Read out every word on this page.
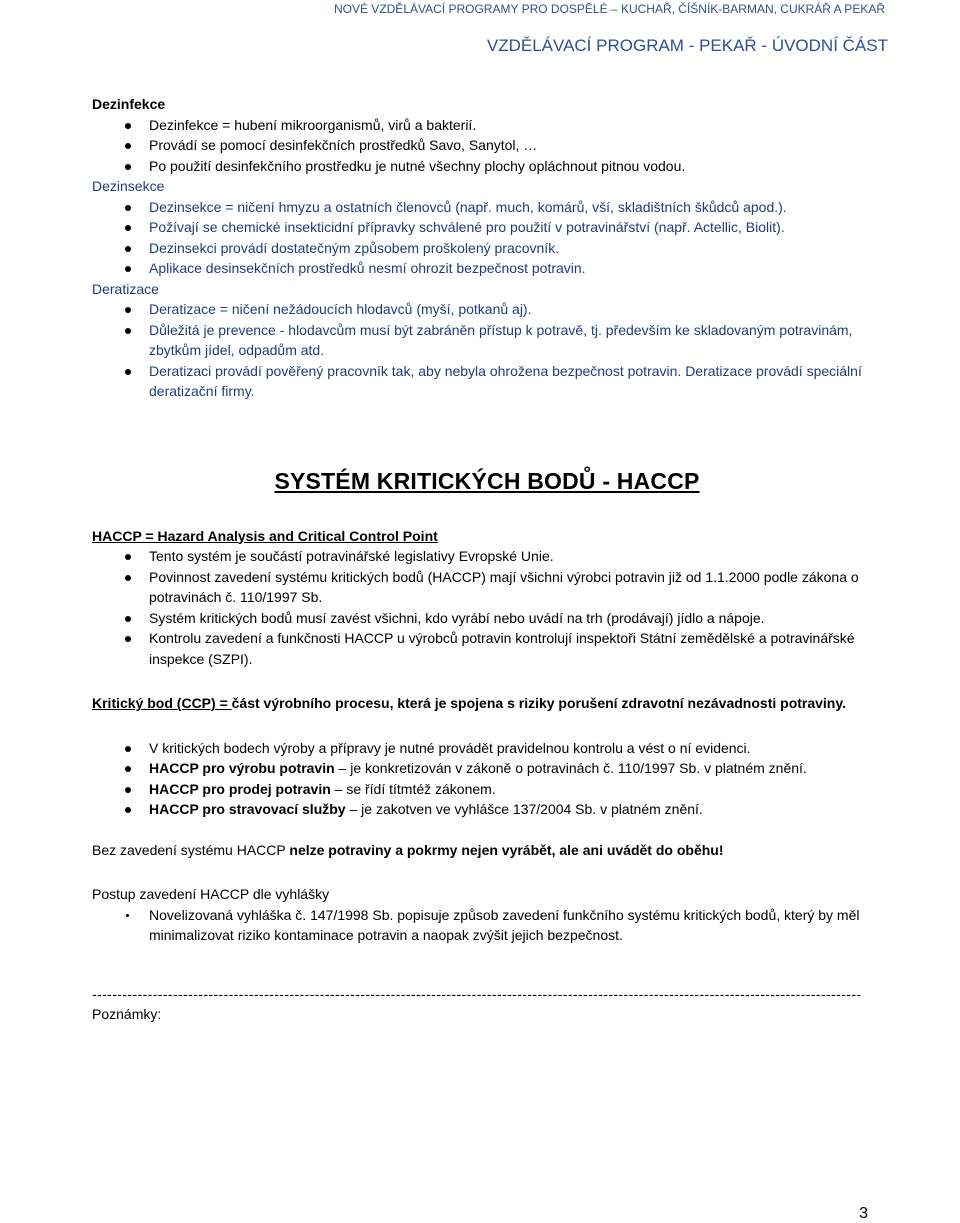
NOVÉ VZDĚLÁVACÍ PROGRAMY PRO DOSPĚLÉ – KUCHAŘ, ČÍŠNÍK-BARMAN, CUKRÁŘ A PEKAŘ
VZDĚLÁVACÍ PROGRAM - PEKAŘ - ÚVODNÍ ČÁST

Dezinfekce

Dezinfekce = hubení mikroorganismů, virů a bakterií.
Provádí se pomocí desinfekčních prostředků Savo, Sanytol, …
Po použití desinfekčního prostředku je nutné všechny plochy opláchnout pitnou vodou.

Dezinsekce

Dezinsekce = ničení hmyzu a ostatních členovců (např. much, komárů, vší, skladištních škůdců apod.).
Požívají se chemické insekticidní přípravky schválené pro použití v potravinářství (např. Actellic, Biolit).
Dezinsekci provádí dostatečným způsobem proškolený pracovník.
Aplikace desinsekčních prostředků nesmí ohrozit bezpečnost potravin.

Deratizace

Deratizace = ničení nežádoucích hlodavců (myší, potkanů aj).
Důležitá je prevence - hlodavcům musí být zabráněn přístup k potravě, tj. především ke skladovaným potravinám, zbytkům jídel, odpadům atd.
Deratizaci provádí pověřený pracovník tak, aby nebyla ohrožena bezpečnost potravin. Deratizace provádí speciální deratizační firmy.
SYSTÉM KRITICKÝCH BODŮ - HACCP

HACCP = Hazard Analysis and Critical Control Point

Tento systém je součástí potravinářské legislativy Evropské Unie.
Povinnost zavedení systému kritických bodů (HACCP) mají všichni výrobci potravin již od 1.1.2000 podle zákona o potravinách č. 110/1997 Sb.
Systém kritických bodů musí zavést všichni, kdo vyrábí nebo uvádí na trh (prodávají) jídlo a nápoje.
Kontrolu zavedení a funkčnosti HACCP u výrobců potravin kontrolují inspektoři Státní zemědělské a potravinářské inspekce (SZPI).

Kritický bod (CCP) = část výrobního procesu, která je spojena s riziky porušení zdravotní nezávadnosti potraviny.

V kritických bodech výroby a přípravy je nutné provádět pravidelnou kontrolu a vést o ní evidenci.
HACCP pro výrobu potravin – je konkretizován v zákoně o potravinách č. 110/1997 Sb. v platném znění.
HACCP pro prodej potravin – se řídí títmtéž zákonem.
HACCP pro stravovací služby – je zakotven ve vyhlášce 137/2004 Sb. v platném znění.

Bez zavedení systému HACCP nelze potraviny a pokrmy nejen vyrábět, ale ani uvádět do oběhu!

Postup zavedení HACCP dle vyhlášky

Novelizovaná vyhláška č. 147/1998 Sb. popisuje způsob zavedení funkčního systému kritických bodů, který by měl minimalizovat riziko kontaminace potravin a naopak zvýšit jejich bezpečnost.
--------------------------------------------------------------------------------------------------------------------------------------------------------

Poznámky:

3
